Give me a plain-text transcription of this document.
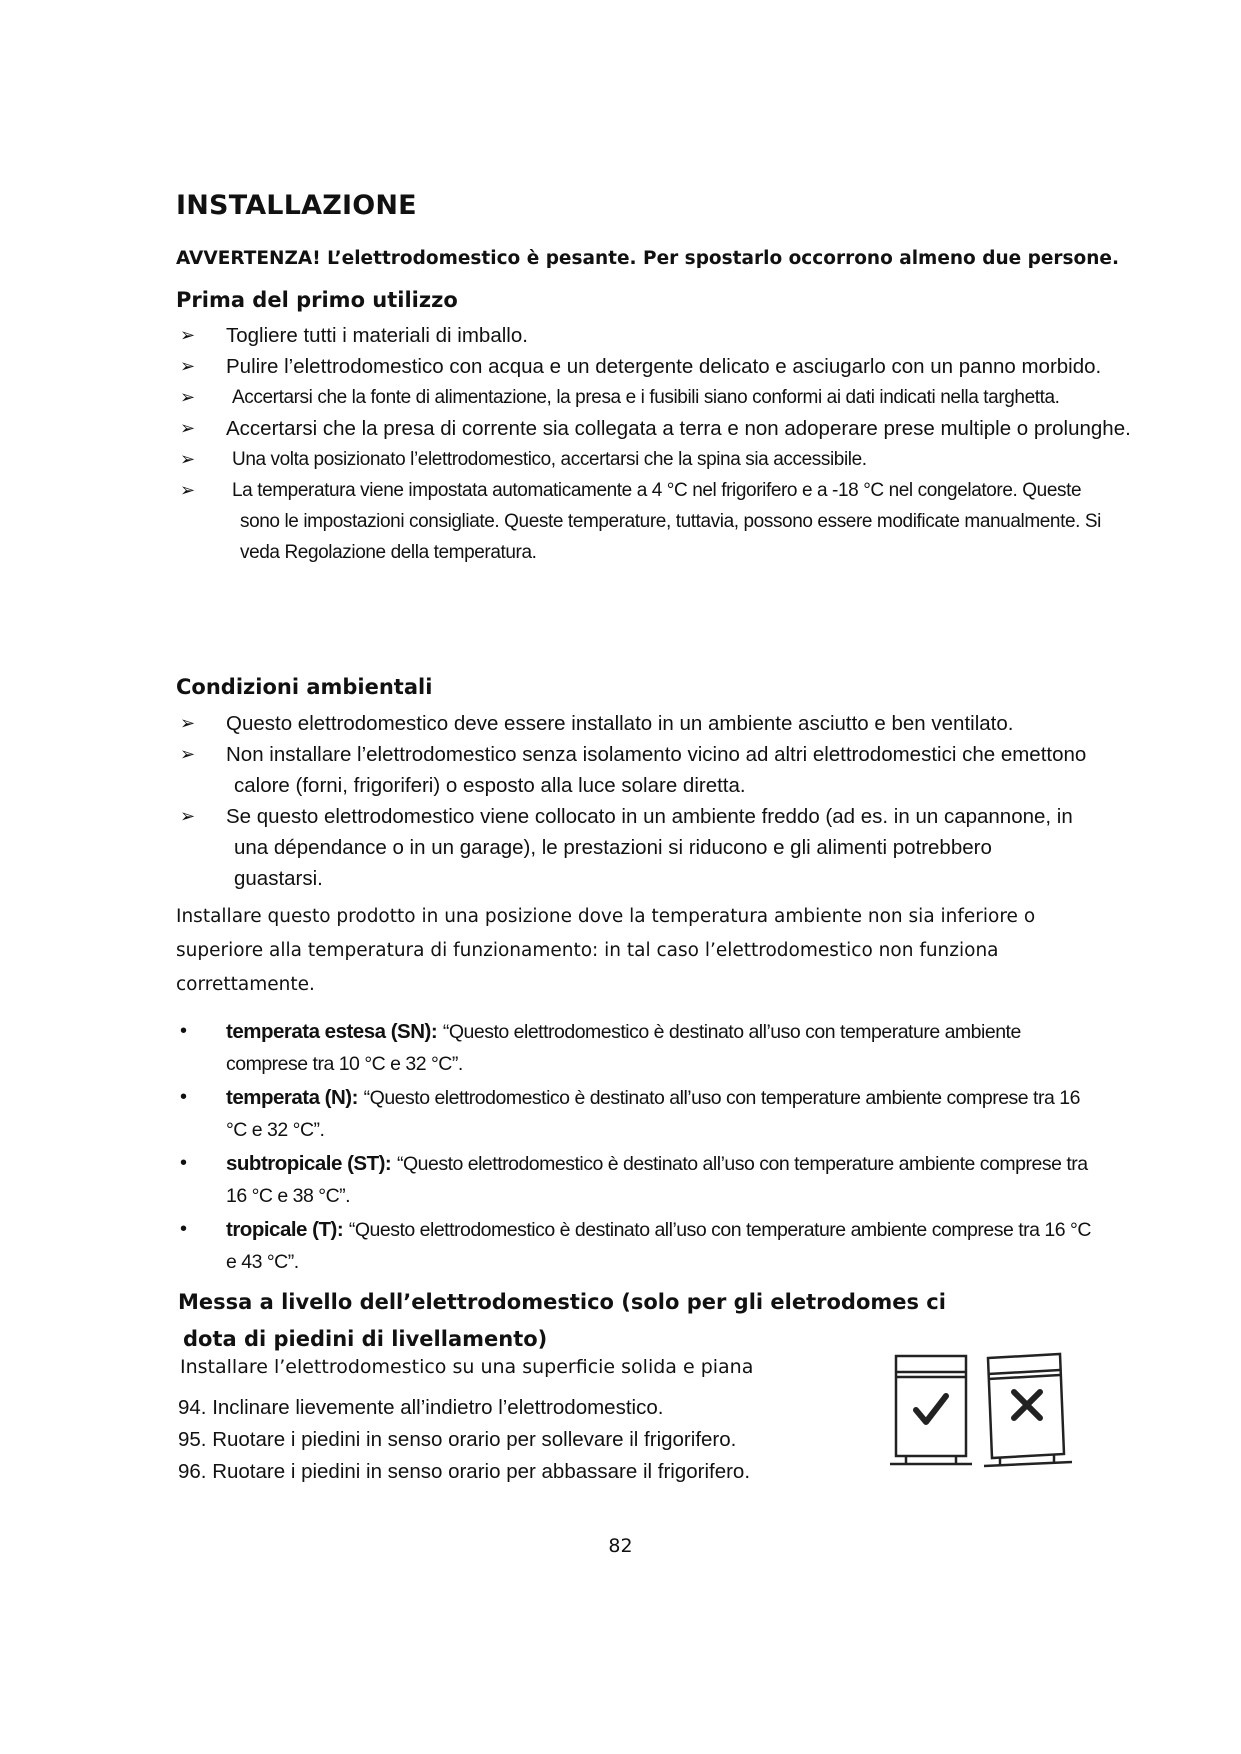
INSTALLAZIONE

AVVERTENZA! L’elettrodomestico è pesante. Per spostarlo occorrono almeno due persone.

Prima del primo utilizzo
➢ Togliere tutti i materiali di imballo.
➢ Pulire l’elettrodomestico con acqua e un detergente delicato e asciugarlo con un panno morbido.
➢	Accertarsi che la fonte di alimentazione, la presa e i fusibili siano conformi ai dati indicati nella targhetta.
➢ Accertarsi che la presa di corrente sia collegata a terra e non adoperare prese multiple o prolunghe.
➢	Una volta posizionato l’elettrodomestico, accertarsi che la spina sia accessibile.
➢	La temperatura viene impostata automaticamente a 4 °C nel frigorifero e a -18 °C nel congelatore. Queste sono le impostazioni consigliate. Queste temperature, tuttavia, possono essere modificate manualmente. Si veda Regolazione della temperatura.
Condizioni ambientali
➢ Questo elettrodomestico deve essere installato in un ambiente asciutto e ben ventilato.
➢ Non installare l’elettrodomestico senza isolamento vicino ad altri elettrodomestici che emettono calore (forni, frigoriferi) o esposto alla luce solare diretta.
➢ Se questo elettrodomestico viene collocato in un ambiente freddo (ad es. in un capannone, in una dépendance o in un garage), le prestazioni si riducono e gli alimenti potrebbero guastarsi.

Installare questo prodotto in una posizione dove la temperatura ambiente non sia inferiore o superiore alla temperatura di funzionamento: in tal caso l’elettrodomestico non funziona correttamente.

• temperata estesa (SN): “Questo elettrodomestico è destinato all’uso con temperature ambiente comprese tra 10 °C e 32 °C”.
• temperata (N): “Questo elettrodomestico è destinato all’uso con temperature ambiente comprese tra 16 °C e 32 °C”.
• subtropicale (ST): “Questo elettrodomestico è destinato all’uso con temperature ambiente comprese tra 16 °C e 38 °C”.
• tropicale (T): “Questo elettrodomestico è destinato all’uso con temperature ambiente comprese tra 16 °C e 43 °C”.
Messa a livello dell’elettrodomestico (solo per gli eletrodomes ci
dota di piedini di livellamento)

Installare l’elettrodomestico su una superficie solida e piana

94. Inclinare lievemente all’indietro l’elettrodomestico.
95. Ruotare i piedini in senso orario per sollevare il frigorifero.
96. Ruotare i piedini in senso orario per abbassare il frigorifero.

82
